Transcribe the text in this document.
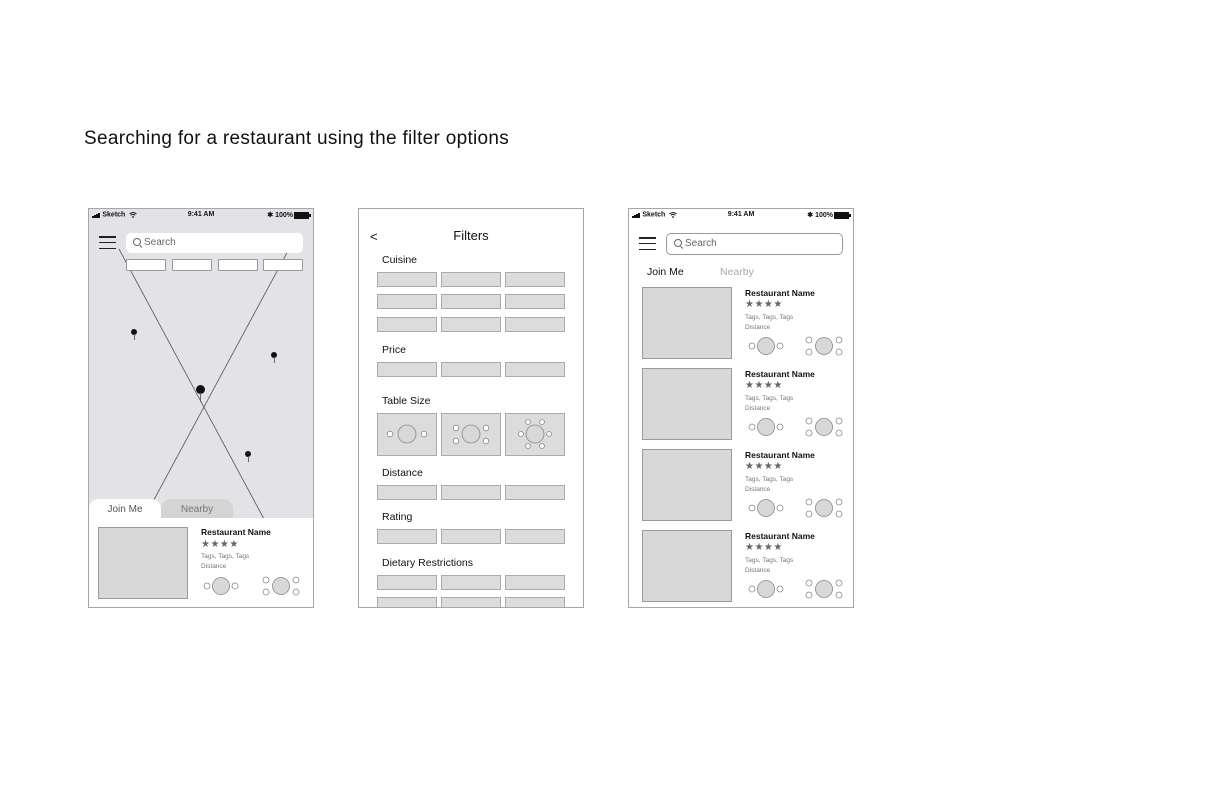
Searching for a restaurant using the filter options
Sketch	9:41 AM	✱ 100%
Search
Nearby
Join Me
Restaurant Name
★★★★
Tags, Tags, Tags
Distance
<	Filters
Cuisine
Price
Table Size
Distance
Rating
Dietary Restrictions
Sketch	9:41 AM	✱ 100%
Search
Join Me	Nearby
Restaurant Name
★★★★
Tags, Tags, Tags
Distance
Restaurant Name
★★★★
Tags, Tags, Tags
Distance
Restaurant Name
★★★★
Tags, Tags, Tags
Distance
Restaurant Name
★★★★
Tags, Tags, Tags
Distance
